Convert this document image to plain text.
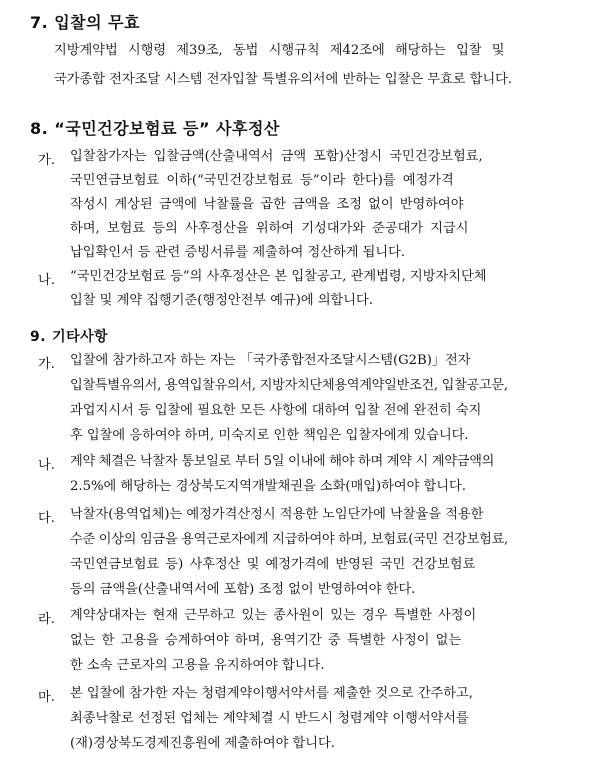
7. 입찰의 무효
지방계약법 시행령 제39조, 동법 시행규칙 제42조에 해당하는 입찰 및
국가종합 전자조달 시스템 전자입찰 특별유의서에 반하는 입찰은 무효로 합니다.
8. “국민건강보험료 등” 사후정산
가. 입찰참가자는 입찰금액(산출내역서 금액 포함)산정시 국민건강보험료,
국민연금보험료 이하(“국민건강보험료 등”이라 한다)를 예정가격
작성시 계상된 금액에 낙찰률을 곱한 금액을 조정 없이 반영하여야
하며, 보험료 등의 사후정산을 위하여 기성대가와 준공대가 지급시
납입확인서 등 관련 증빙서류를 제출하여 정산하게 됩니다.
나. “국민건강보험료 등”의 사후정산은 본 입찰공고, 관계법령, 지방자치단체
입찰 및 계약 집행기준(행정안전부 예규)에 의합니다.
9. 기타사항
가. 입찰에 참가하고자 하는 자는 「국가종합전자조달시스템(G2B)」전자
입찰특별유의서, 용역입찰유의서, 지방자치단체용역계약일반조건, 입찰공고문,
과업지시서 등 입찰에 필요한 모든 사항에 대하여 입찰 전에 완전히 숙지
후 입찰에 응하여야 하며, 미숙지로 인한 책임은 입찰자에게 있습니다.
나. 계약 체결은 낙찰자 통보일로 부터 5일 이내에 해야 하며 계약 시 계약금액의
2.5%에 해당하는 경상북도지역개발채권을 소화(매입)하여야 합니다.
다. 낙찰자(용역업체)는 예정가격산정시 적용한 노임단가에 낙찰율을 적용한
수준 이상의 임금을 용역근로자에게 지급하여야 하며, 보험료(국민 건강보험료,
국민연금보험료 등) 사후정산 및 예정가격에 반영된 국민 건강보험료
등의 금액을(산출내역서에 포함) 조정 없이 반영하여야 한다.
라. 계약상대자는 현재 근무하고 있는 종사원이 있는 경우 특별한 사정이
없는 한 고용을 승계하여야 하며, 용역기간 중 특별한 사정이 없는
한 소속 근로자의 고용을 유지하여야 합니다.
마. 본 입찰에 참가한 자는 청렴계약이행서약서를 제출한 것으로 간주하고,
최종낙찰로 선정된 업체는 계약체결 시 반드시 청렴계약 이행서약서를
(재)경상북도경제진흥원에 제출하여야 합니다.
